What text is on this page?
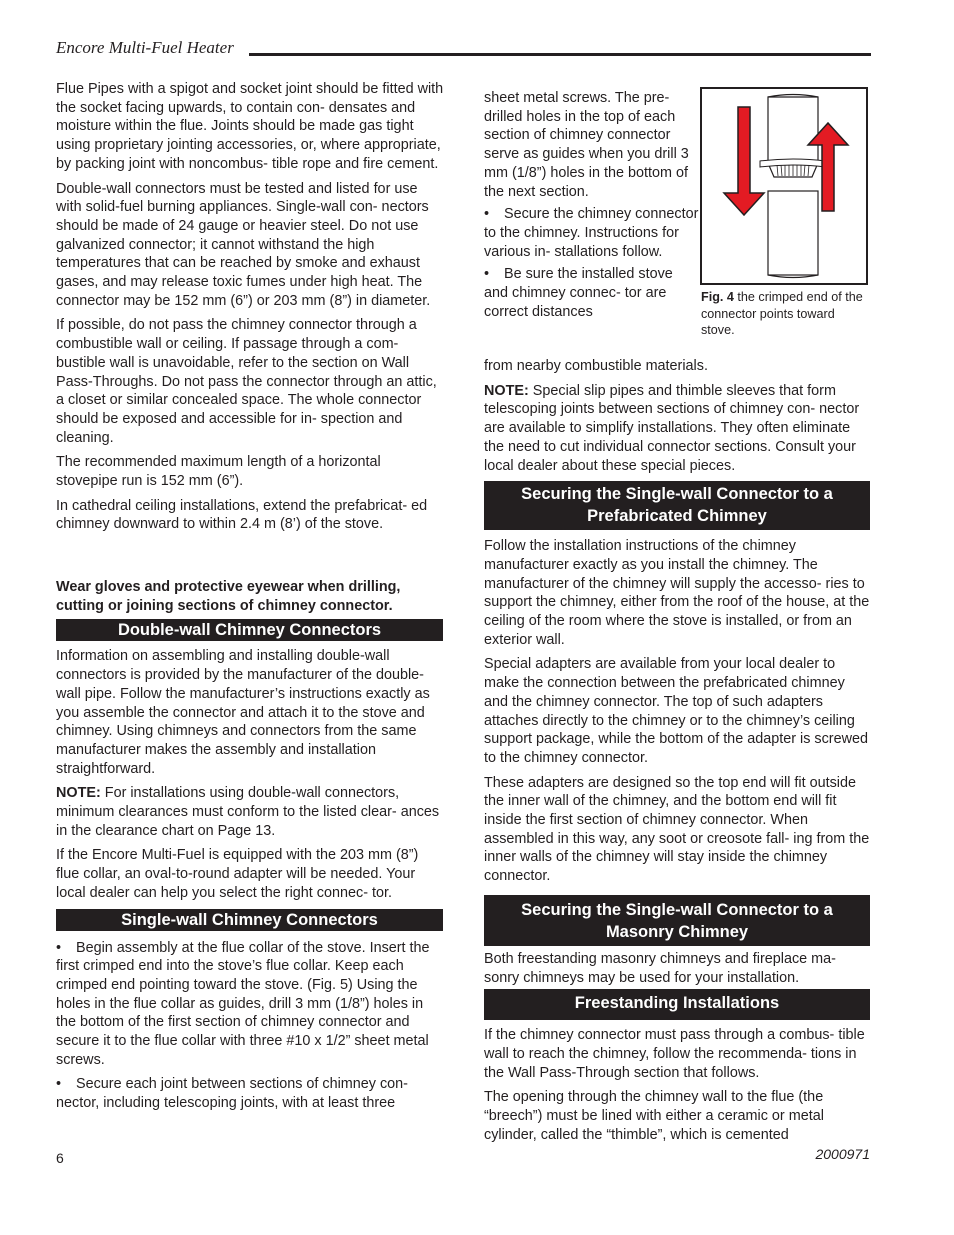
Encore Multi-Fuel Heater

Flue Pipes with a spigot and socket joint should be fitted with the socket facing upwards, to contain con- densates and moisture within the flue. Joints should be made gas tight using proprietary jointing accessories, or, where appropriate, by packing joint with noncombus- tible rope and fire cement.

Double-wall connectors must be tested and listed for use with solid-fuel burning appliances. Single-wall con- nectors should be made of 24 gauge or heavier steel. Do not use galvanized connector; it cannot withstand the high temperatures that can be reached by smoke and exhaust gases, and may release toxic fumes under high heat. The connector may be 152 mm (6”) or 203 mm (8”) in diameter.

If possible, do not pass the chimney connector through a combustible wall or ceiling. If passage through a com- bustible wall is unavoidable, refer to the section on Wall Pass-Throughs. Do not pass the connector through an attic, a closet or similar concealed space. The whole connector should be exposed and accessible for in- spection and cleaning.

The recommended maximum length of a horizontal stovepipe run is 152 mm (6”).

In cathedral ceiling installations, extend the prefabricat- ed chimney downward to within 2.4 m (8’) of the stove.

Wear gloves and protective eyewear when drilling, cutting or joining sections of chimney connector.

Double-wall Chimney Connectors

Information on assembling and installing double-wall connectors is provided by the manufacturer of the double-wall pipe. Follow the manufacturer’s instructions exactly as you assemble the connector and attach it to the stove and chimney. Using chimneys and connectors from the same manufacturer makes the assembly and installation straightforward.

NOTE: For installations using double-wall connectors, minimum clearances must conform to the listed clear- ances in the clearance chart on Page 13.

If the Encore Multi-Fuel is equipped with the 203 mm (8”) flue collar, an oval-to-round adapter will be needed. Your local dealer can help you select the right connec- tor.

Single-wall Chimney Connectors

• Begin assembly at the flue collar of the stove. Insert the first crimped end into the stove’s flue collar. Keep each crimped end pointing toward the stove. (Fig. 5) Using the holes in the flue collar as guides, drill 3 mm (1/8”) holes in the bottom of the first section of chimney connector and secure it to the flue collar with three #10 x 1/2” sheet metal screws.

• Secure each joint between sections of chimney con- nector, including telescoping joints, with at least three

sheet metal screws. The pre-drilled holes in the top of each section of chimney connector serve as guides when you drill 3 mm (1/8”) holes in the bottom of the next section.

• Secure the chimney connector to the chimney. Instructions for various in- stallations follow.

• Be sure the installed stove and chimney connec- tor are correct distances

Fig. 4 the crimped end of the connector points toward stove.

from nearby combustible materials.

NOTE: Special slip pipes and thimble sleeves that form telescoping joints between sections of chimney con- nector are available to simplify installations. They often eliminate the need to cut individual connector sections. Consult your local dealer about these special pieces.

Securing the Single-wall Connector to a Prefabricated Chimney

Follow the installation instructions of the chimney manufacturer exactly as you install the chimney. The manufacturer of the chimney will supply the accesso- ries to support the chimney, either from the roof of the house, at the ceiling of the room where the stove is installed, or from an exterior wall.

Special adapters are available from your local dealer to make the connection between the prefabricated chimney and the chimney connector. The top of such adapters attaches directly to the chimney or to the chimney’s ceiling support package, while the bottom of the adapter is screwed to the chimney connector.

These adapters are designed so the top end will fit outside the inner wall of the chimney, and the bottom end will fit inside the first section of chimney connector. When assembled in this way, any soot or creosote fall- ing from the inner walls of the chimney will stay inside the chimney connector.

Securing the Single-wall Connector to a Masonry Chimney

Both freestanding masonry chimneys and fireplace ma- sonry chimneys may be used for your installation.

Freestanding Installations

If the chimney connector must pass through a combus- tible wall to reach the chimney, follow the recommenda- tions in the Wall Pass-Through section that follows.

The opening through the chimney wall to the flue (the “breech”) must be lined with either a ceramic or metal cylinder, called the “thimble”, which is cemented

6	2000971
